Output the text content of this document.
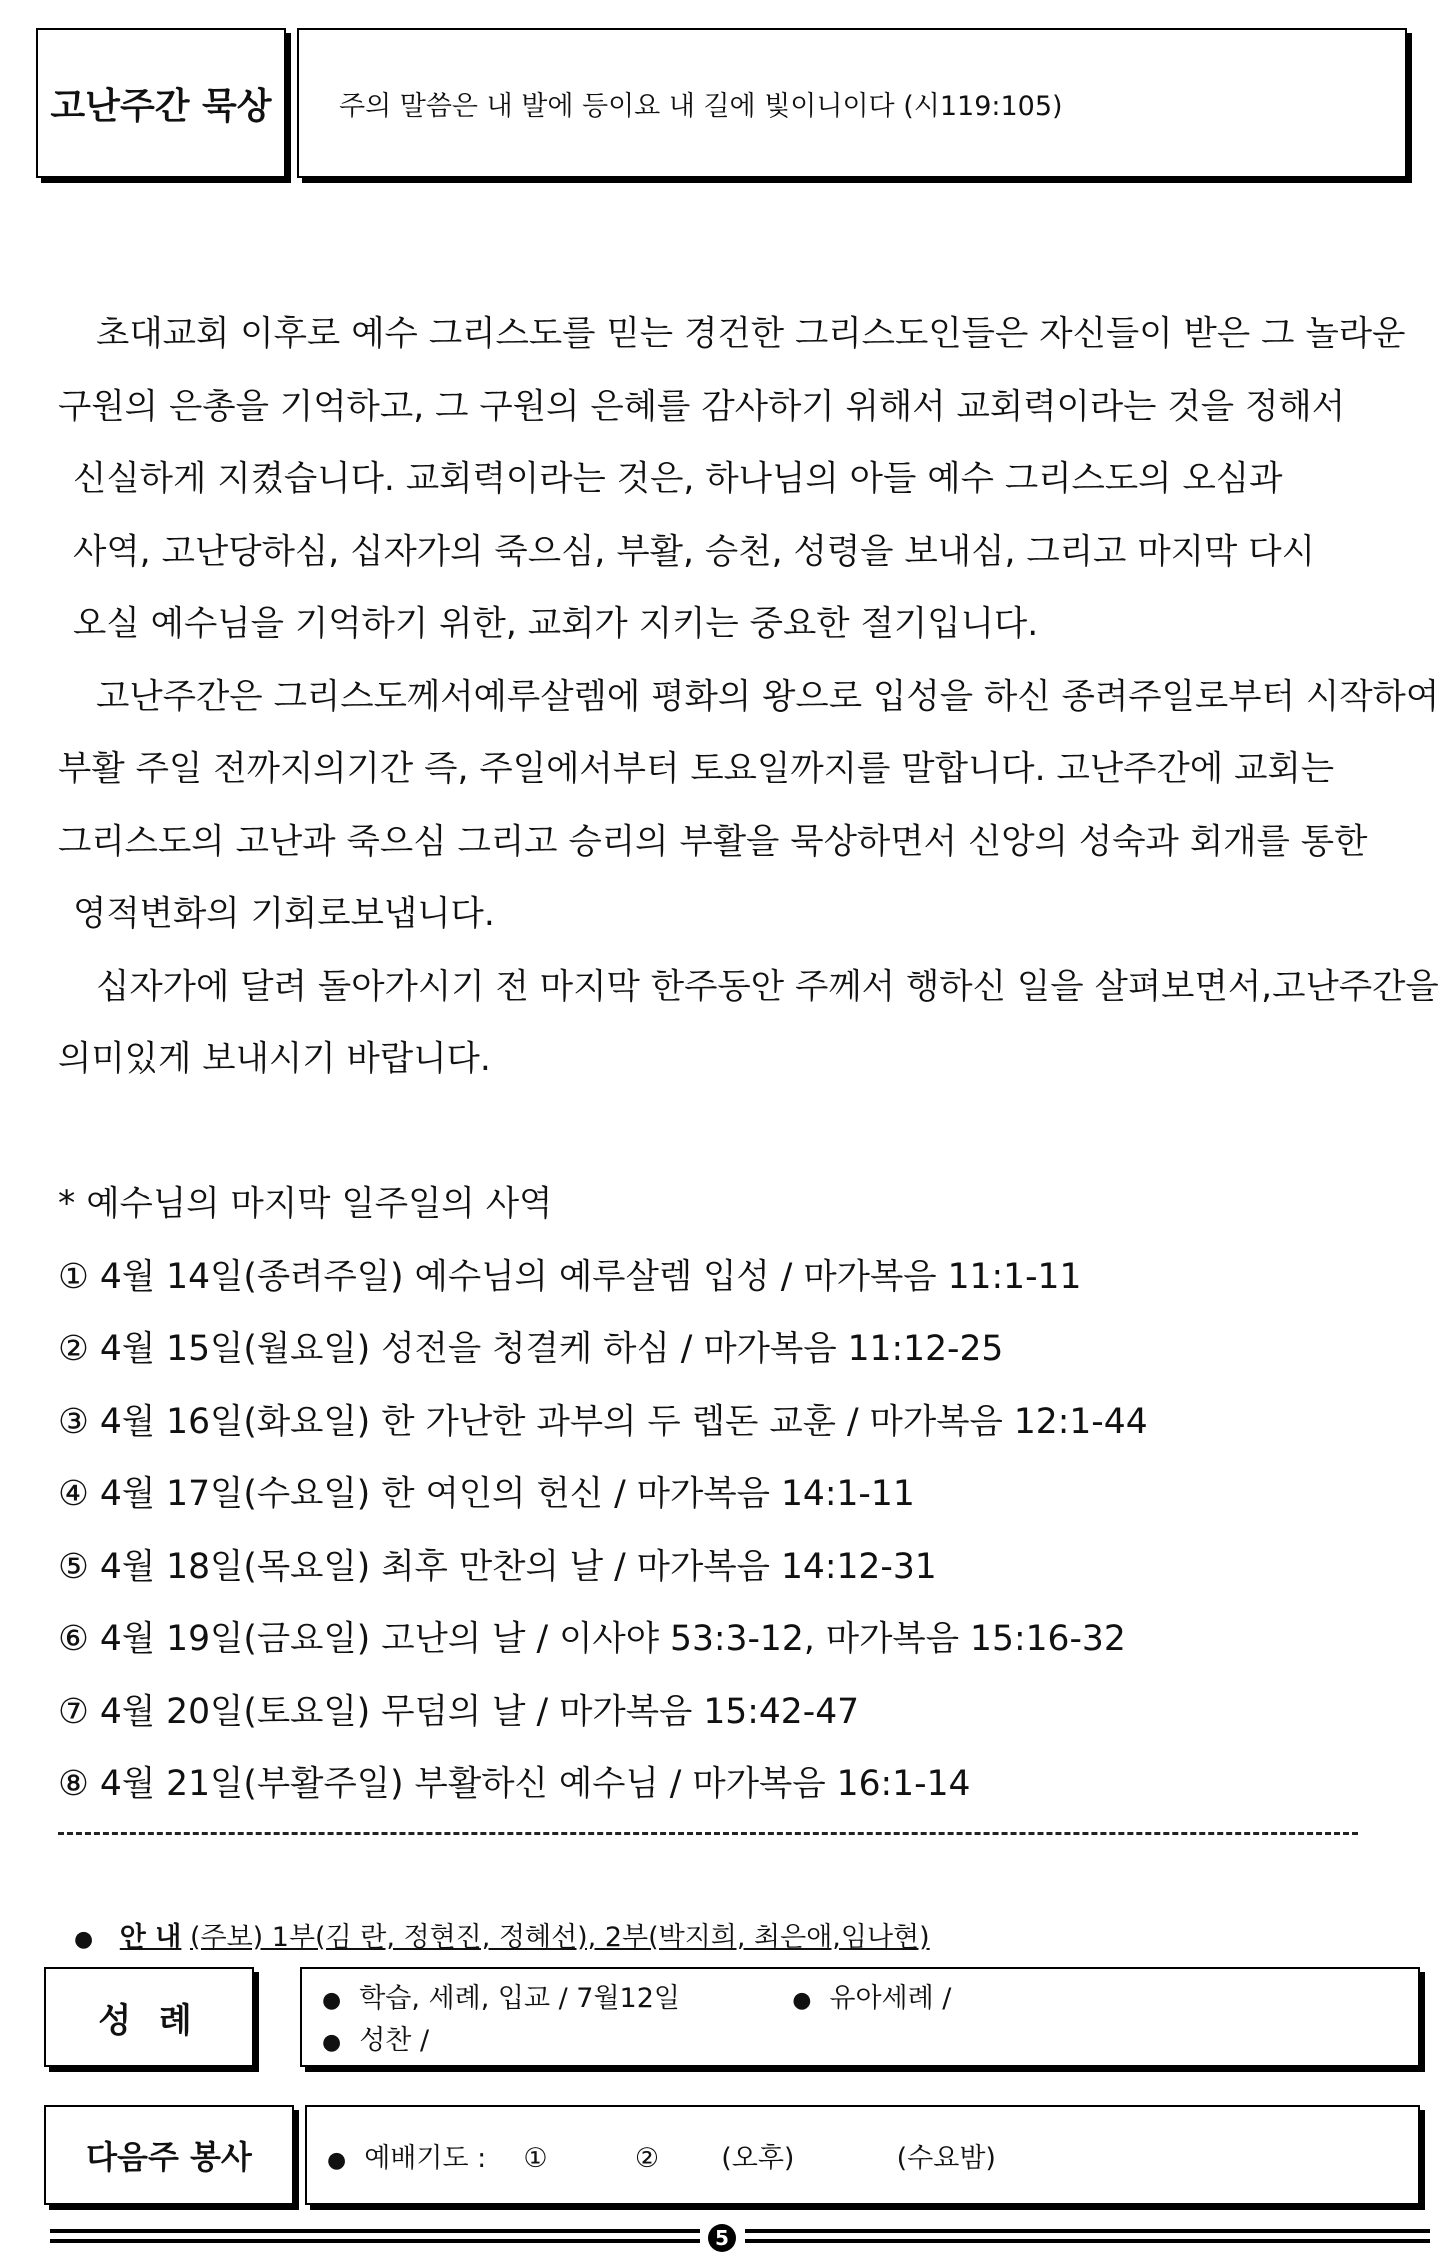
고난주간 묵상	주의 말씀은 내 발에 등이요 내 길에 빛이니이다 (시119:105)

초대교회 이후로 예수 그리스도를 믿는 경건한 그리스도인들은 자신들이 받은 그 놀라운

구원의 은총을 기억하고, 그 구원의 은혜를 감사하기 위해서 교회력이라는 것을 정해서

신실하게 지켰습니다. 교회력이라는 것은, 하나님의 아들 예수 그리스도의 오심과

사역, 고난당하심, 십자가의 죽으심, 부활, 승천, 성령을 보내심, 그리고 마지막 다시

오실 예수님을 기억하기 위한, 교회가 지키는 중요한 절기입니다.

고난주간은 그리스도께서예루살렘에 평화의 왕으로 입성을 하신 종려주일로부터 시작하여

부활 주일 전까지의기간 즉, 주일에서부터 토요일까지를 말합니다. 고난주간에 교회는

그리스도의 고난과 죽으심 그리고 승리의 부활을 묵상하면서 신앙의 성숙과 회개를 통한

영적변화의 기회로보냅니다.

십자가에 달려 돌아가시기 전 마지막 한주동안 주께서 행하신 일을 살펴보면서,고난주간을

의미있게 보내시기 바랍니다.

* 예수님의 마지막 일주일의 사역

① 4월 14일(종려주일) 예수님의 예루살렘 입성 / 마가복음 11:1-11

② 4월 15일(월요일) 성전을 청결케 하심 / 마가복음 11:12-25

③ 4월 16일(화요일) 한 가난한 과부의 두 렙돈 교훈 / 마가복음 12:1-44

④ 4월 17일(수요일) 한 여인의 헌신 / 마가복음 14:1-11

⑤ 4월 18일(목요일) 최후 만찬의 날 / 마가복음 14:12-31

⑥ 4월 19일(금요일) 고난의 날 / 이사야 53:3-12, 마가복음 15:16-32

⑦ 4월 20일(토요일) 무덤의 날 / 마가복음 15:42-47

⑧ 4월 21일(부활주일) 부활하신 예수님 / 마가복음 16:1-14

● 안 내 (주보) 1부(김 란, 정현진, 정혜선), 2부(박지희, 최은애,임나현)
성 례	● 학습, 세례, 입교 / 7월12일	● 유아세례 /
● 성찬 /
다음주 봉사	● 예배기도 : ①	② (오후)	(수요밤)
5
